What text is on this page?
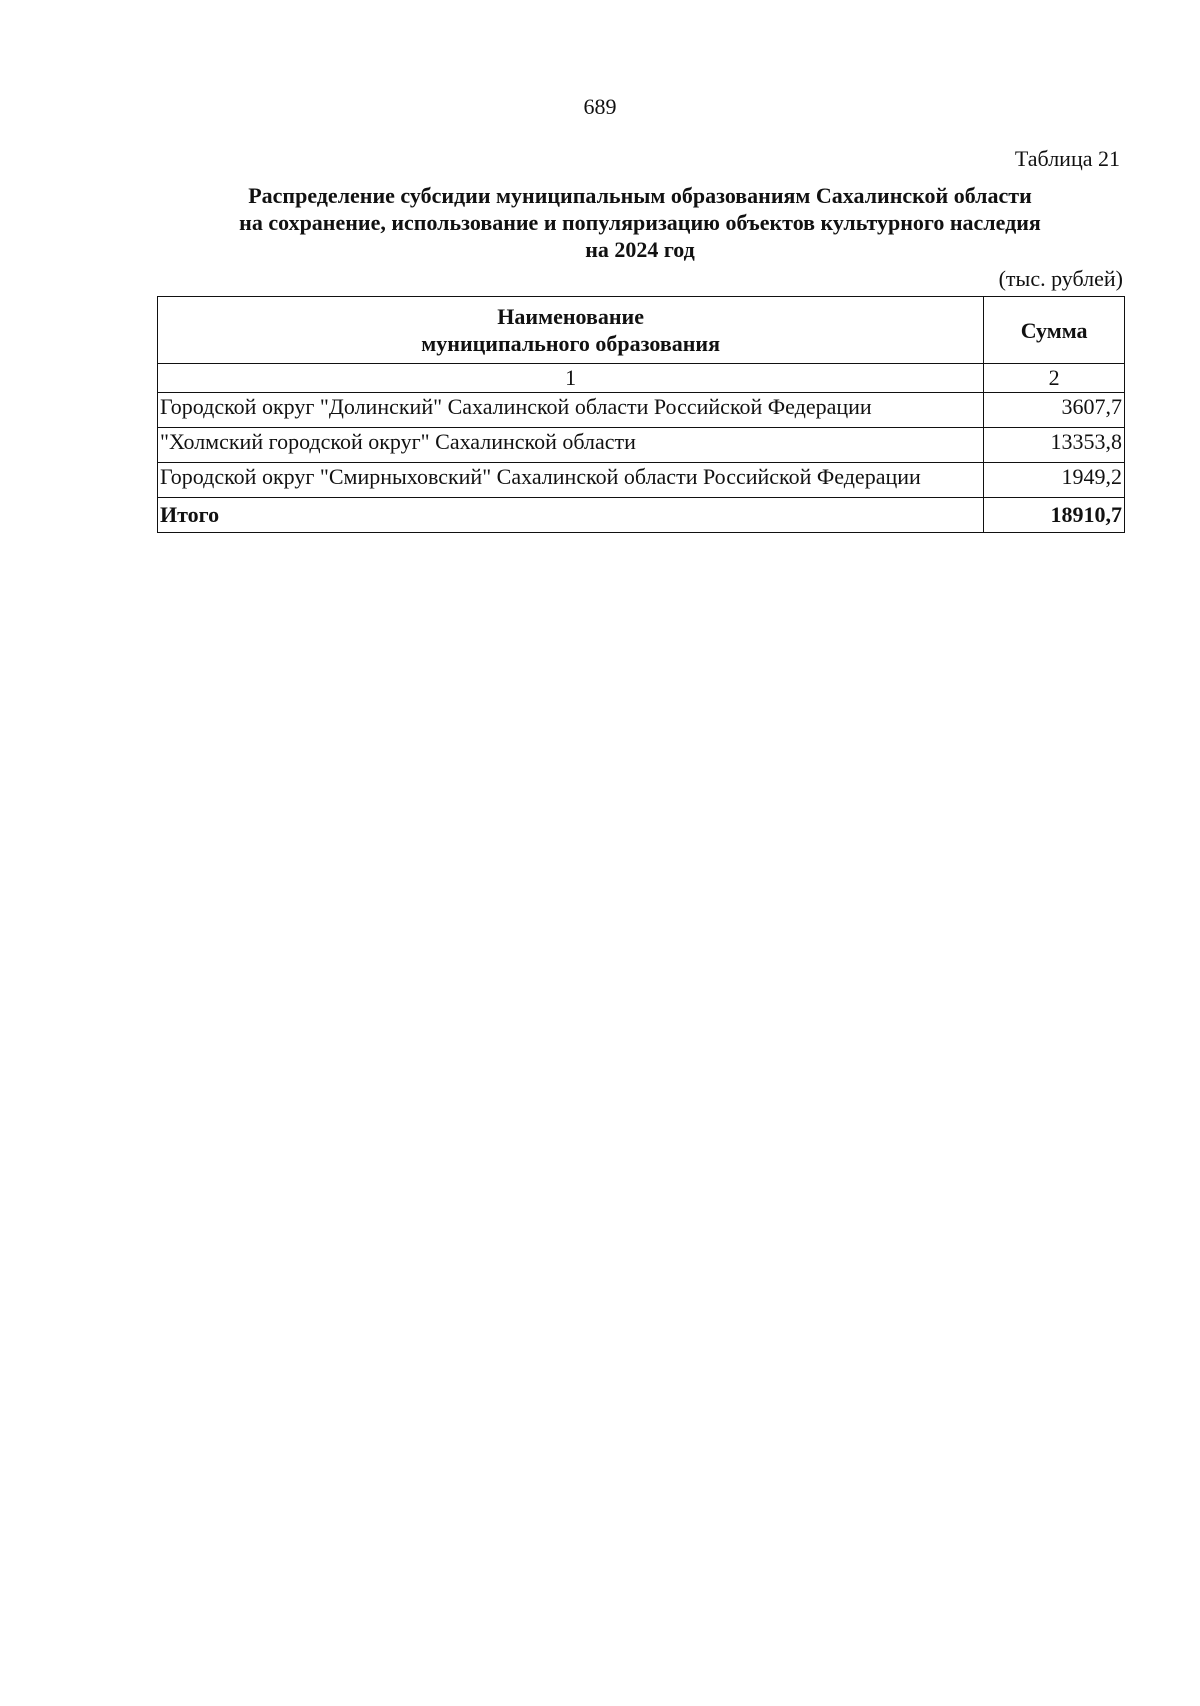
689
Таблица 21
Распределение субсидии муниципальным образованиям Сахалинской области
на сохранение, использование и популяризацию объектов культурного наследия
на 2024 год
(тыс. рублей)
Наименование
муниципального образования	Сумма
1	2
Городской округ "Долинский" Сахалинской области Российской Федерации	3607,7
"Холмский городской округ" Сахалинской области	13353,8
Городской округ "Смирныховский" Сахалинской области Российской Федерации	1949,2
Итого	18910,7
